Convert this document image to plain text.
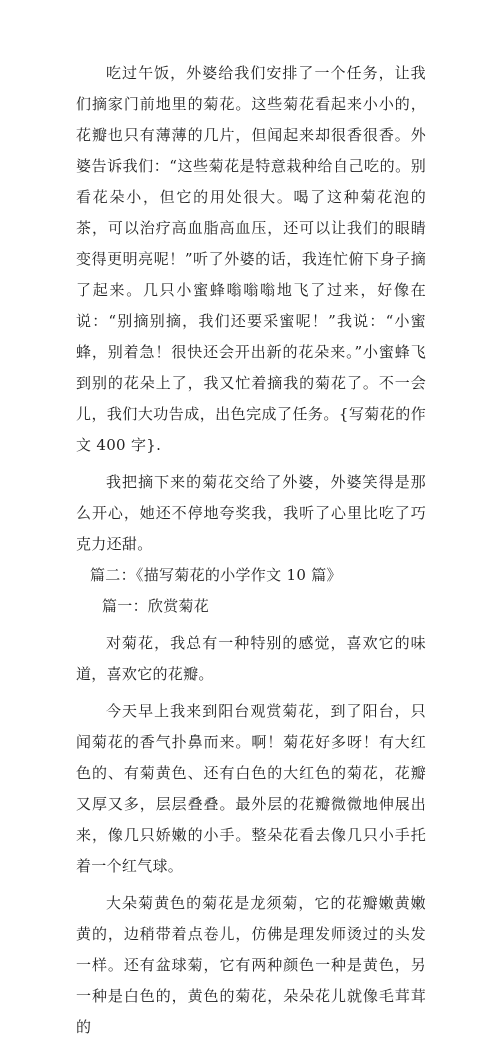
吃过午饭，外婆给我们安排了一个任务，让我们摘家门前地里的菊花。这些菊花看起来小小的，花瓣也只有薄薄的几片，但闻起来却很香很香。外婆告诉我们：“这些菊花是特意栽种给自己吃的。别看花朵小，但它的用处很大。喝了这种菊花泡的茶，可以治疗高血脂高血压，还可以让我们的眼睛变得更明亮呢！”听了外婆的话，我连忙俯下身子摘了起来。几只小蜜蜂嗡嗡嗡地飞了过来，好像在说：“别摘别摘，我们还要采蜜呢！”我说：“小蜜蜂，别着急！很快还会开出新的花朵来。”小蜜蜂飞到别的花朵上了，我又忙着摘我的菊花了。不一会儿，我们大功告成，出色完成了任务。{写菊花的作文 400 字}.

我把摘下来的菊花交给了外婆，外婆笑得是那么开心，她还不停地夸奖我，我听了心里比吃了巧克力还甜。

篇二：《描写菊花的小学作文 10 篇》

篇一：欣赏菊花

对菊花，我总有一种特别的感觉，喜欢它的味道，喜欢它的花瓣。

今天早上我来到阳台观赏菊花，到了阳台，只闻菊花的香气扑鼻而来。啊！菊花好多呀！有大红色的、有菊黄色、还有白色的大红色的菊花，花瓣又厚又多，层层叠叠。最外层的花瓣微微地伸展出来，像几只娇嫩的小手。整朵花看去像几只小手托着一个红气球。

大朵菊黄色的菊花是龙须菊，它的花瓣嫩黄嫩黄的，边稍带着点卷儿，仿佛是理发师烫过的头发一样。还有盆球菊，它有两种颜色一种是黄色，另一种是白色的，黄色的菊花，朵朵花儿就像毛茸茸的
